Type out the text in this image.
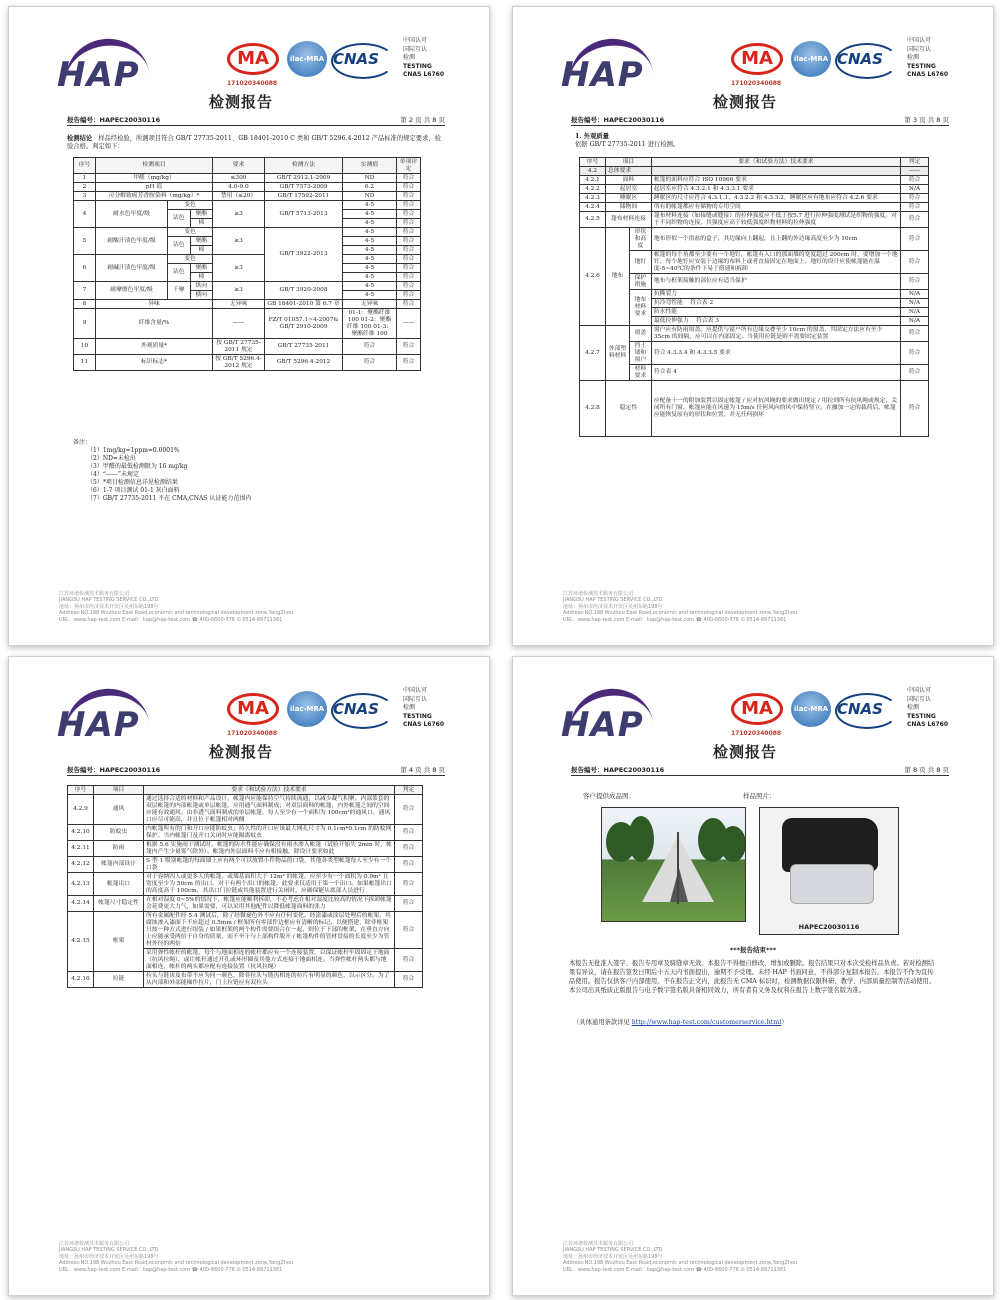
HAP	MA	ilac-MRA CNAS
171020340088
中国认可
国际互认
检测
TESTING
CNAS L6760
检测报告
报告编号：HAPEC20030116	第 2 页 共 8 页
检测结论 样品经检验，所测项目符合 GB/T 27735-2011、GB 18401-2010 C 类和 GB/T 5296.4-2012 产品标准的规定要求，检验合格。判定如下：
序号	检测项目			要求	检测方法	实测值	单项评定
1	甲醛（mg/kg）			≤300	GB/T 2912.1-2009	ND	符合
2	pH 值			4.0-9.0	GB/T 7573-2009	6.2	符合
3	可分解致癌芳香胺染料（mg/kg）*			禁用（≤20）	GB/T 17592-2011	ND	符合
4	耐水色牢度/级	变色		≥3	GB/T 5713-2013	4-5	符合
		沾色	聚酯			4-5	符合
			棉			4-5	符合
5	耐酸汗渍色牢度/级	变色		≥3	GB/T 3922-2013	4-5	符合
		沾色	聚酯			4-5	符合
			棉			4-5	符合
6	耐碱汗渍色牢度/级	变色		≥3		4-5	符合
		沾色	聚酯			4-5	符合
			棉			4-5	符合
7	耐摩擦色牢度/级	干摩	纵向	≥3	GB/T 3920-2008	4-5	符合
			横向			4-5	符合
8	异味			无异味	GB 18401-2010 第 6.7 章	无异味	符合
9	纤维含量/%			——	FZ/T 01057.1~4-2007& GB/T 2910-2009	01-1：聚酯纤维 100 01-2：聚酯纤维 100 01-3：聚酯纤维 100	——
10	外观质量*			按 GB/T 27735-2011 规定	GB/T 27735-2011	符合	符合
11	标识标志*			按 GB/T 5296.4-2012 规定	GB/T 5296.4-2012	符合	符合
备注：
（1）1mg/kg=1ppm=0.0001%
（2）ND=未检出
（3）甲醛的最低检测限为 16 mg/kg
（4）“——”未规定
（5）*项目检测信息详见检测结果
（6）1-7 项目测试 01-1 灰白面料
（7）GB/T 27735-2011 不在 CMA,CNAS 认证能力范围内
江苏环谱检测技术服务有限公司
JIANGSU HAP TESTING SERVICE CO.,LTD
地址：扬州市经济技术开发区吴州东路198号
Address:NO.198 Wuzhou East Road,economic and technological development zone,YangZhou
URL：www.hap-test.com E-mail：hap@hap-test.com ☎ 400-6600-776 ✆ 0514-89711361
HAP	MA	ilac-MRA CNAS
171020340088
中国认可
国际互认
检测
TESTING
CNAS L6760
检测报告
报告编号：HAPEC20030116	第 3 页 共 8 页
1. 外观质量
依据 GB/T 27735-2011 进行检测。
序号	项目		要求（和试验方法）技术要求	判定
4.2	总体要求			——
4.2.1	面料		帐篷的面料应符合 ISO 10966 要求	符合
4.2.2	起居室		起居室应符合 4.3.2.1 和 4.3.3.1 要求	N/A
4.2.3	睡眠区		睡眠区的尺寸应符合 4.3.1.1、4.3.2.2 和 4.3.3.2，睡眠区应有地布应符合 4.2.6 要求	符合
4.2.4	储物间		所有的帐篷都应有储物的专用空间	符合
4.2.5	篷布材料连接		篷布材料连接（如接缝或缝接）的拉伸强度应不低于按5.7 进行拉伸强度测试是织物的强度。对于不同织物的连接，其强度应高于较低强度织物材料的拉伸强度	符合
4.2.6	地布	形状和高度	地布形似一个浴盆的盒子，其边缘向上翻起，且上翻的外边缘高度至少为 10cm	符合
		地钉	帐篷的每个角都至少要有一个地钉，帐篷有入口的那面墙的宽度超过 200cm 时，要增加一个地钉，每个地钉应安装于边缘的布料上或者直接固定在地面上。地钉的设计应使帐篷能在温度-5~40℃的条件下易于搭建和拆卸	符合
		保护措施	地布与框架接触的部位应有适当保护	符合
		地布材料要求	抗撕裂力	N/A
			抗冷弯性能 符合表 2	N/A
			防水性能	N/A
			最低拉伸强力 符合表 3	N/A
4.2.7	外部塑料材料	窗盖	窗户应有防雨窗盖。应提供与窗户所有边缘交叠至少 10cm 的窗盖，其固定方法应有至少 35cm 的间隔，应可以在内部固定。当使用拉链是则不需要固定装置	符合
		挡土墙和窗户	符合 4.3.3.4 和 4.3.3.5 要求	符合
		材料要求	符合表 4	符合
4.2.8	稳定性		应配备十一的附加装置以固定帐篷 / 应对抗风绳的要求做出规定 / 用拉到所有抗风绳或规定，关闭所有门窗，帐篷应能在风速为 15m/s 任何风向的风中保持竖立，在撤加一定的载荷后，帐篷应能恢复原有的形状和位置，并无任何损坏	符合
江苏环谱检测技术服务有限公司
JIANGSU HAP TESTING SERVICE CO.,LTD
地址：扬州市经济技术开发区吴州东路198号
Address:NO.198 Wuzhou East Road,economic and technological development zone,YangZhou
URL：www.hap-test.com E-mail：hap@hap-test.com ☎ 400-6600-776 ✆ 0514-89711361
HAP	MA	ilac-MRA CNAS
171020340088
中国认可
国际互认
检测
TESTING
CNAS L6760
检测报告
报告编号：HAPEC20030116	第 4 页 共 8 页
序号	项目	要求（和试验方法）技术要求	判定
4.2.9	通风	通过选择合适的材料和产品设计，帐篷内应能保持空气持续流通，以减少凝气积聚。内部浆套的双层帐篷的内部帐篷或单层帐篷，应用通气面料制成；对双层面料的帐篷，内外帐篷之间的空间应能有效通风；由非透气面料制成的单层帐篷，每人至少有一个面积为 100cm²的通风口，通风口应尽可能高，并且位于帐篷相对两侧	符合
4.2.10	防蚊虫	内帐篷所有的门和开口应能防蚊虫；持久性的开口应该最大网孔尺寸为 0.1cm*0.1cm 的防蚊网保护。当内帐篷门及开口关闭时应能隔离蚊虫	符合
4.2.11	防雨	根据 5.6 实施雨于测试时，帐篷的防水性能应确保没有雨水渗入帐篷（试验开始失 2min 时，帐篷内产生少量雾气除外）。帐篷内外层面料不应有相接触，除设计要求如此	符合
4.2.12	帐篷内部设计	S 型 1 级别帐篷的每面墙上应有两个可以放置小件物品的口袋，其他各类型帐篷每人至少有一个口袋	符合
4.2.13	帐篷出口	对于容纳四人或更多人的帐篷，或墙基面积大于 12m² 的帐篷，应至少有一个面积为 0.9m² 且宽度至少为 50cm 的出口。对于有两个出口的帐篷，此要求仅适用于第一个出口。如果帐篷出口的高度高于 100cm，其出口门拉链或其他装置进行关闭时，应确保能从底部人员进行	符合
4.2.14	帐篷尺寸稳定性	在相对湿度 0~5%的情况下，帐篷应能顺利拆卸，不必考虑在相对湿度比较高的情况下拆卸帐篷会花费更大力气，如果需要，可以采用其他配件以降低帐篷面料的张力	符合
4.2.15	框架	所有金属配件经 5.4 测试后，除了经微褪色外不应有任何变化。经涂漆或涂层处理后的帐架，其腐蚀渗入漆面下不应超过 0.5mm / 框架所有零部件边框应有清晰的标记，以便搭建，除非框架只按一种方式进行组装 / 如果框架的两个构件需要组合在一起，则位于下部的框架，在垂直方向上应能承受两倍于自身的质量，而不至于与上部构件脱开 / 帐篷构件的管材盘接的长度至少为管材外径的两倍	符合
		采用弹性帐杆的帐篷，每个与地面相连的帐杆都应有一个连接装置，以保证帐杆牢固固定于地面（抗风拉绳），或让帐杆通过开孔或环形圈及其他方式连接于地面相连。当弹性帐杆两头都与地面相连，帐杆的两头都应配有连接装置（抗风拉绳）	符合
4.2.16	拉链	拉头与链齿及布带不应为同一颜色，除非拉头与链齿相连的拉片有明显的颜色，以示区分。为了从内部和外部能操作拉片，门上拉链应有双拉头	符合
江苏环谱检测技术服务有限公司
JIANGSU HAP TESTING SERVICE CO.,LTD
地址：扬州市经济技术开发区吴州东路198号
Address:NO.198 Wuzhou East Road,economic and technological development zone,YangZhou
URL：www.hap-test.com E-mail：hap@hap-test.com ☎ 400-6600-776 ✆ 0514-89711361
HAP	MA	ilac-MRA CNAS
171020340088
中国认可
国际互认
检测
TESTING
CNAS L6760
检测报告
报告编号：HAPEC20030116	第 8 页 共 8 页
客户提供成品图：	样品照片：
HAPEC20030116
***报告结束***
本报告无批准人签字、报告专用章及骑缝章无效。本报告不得擅自修改、增加或删除。报告结果只对本次受检样品负责。若对检测结果有异议，请在报告签发日期后十五天内书面提出，逾期不予受理。未经 HAP 书面同意，不得部分复制本报告。本报告不作为宣传品使用。报告仅供客户内部使用，不在报告正文内，此报告无 CMA 标识时，检测数据仅限科研、教学、内部质量控制等活动使用。本公司出具纸质正版报告与电子数字签名版具备相同效力，所有者有义务及权利在报告上数字签名版为准。
（具体通用条款详见 http://www.hap-test.com/customerservice.html）
江苏环谱检测技术服务有限公司
JIANGSU HAP TESTING SERVICE CO.,LTD
地址：扬州市经济技术开发区吴州东路198号
Address:NO.198 Wuzhou East Road,economic and technological development zone,YangZhou
URL：www.hap-test.com E-mail：hap@hap-test.com ☎ 400-6600-776 ✆ 0514-89711361
